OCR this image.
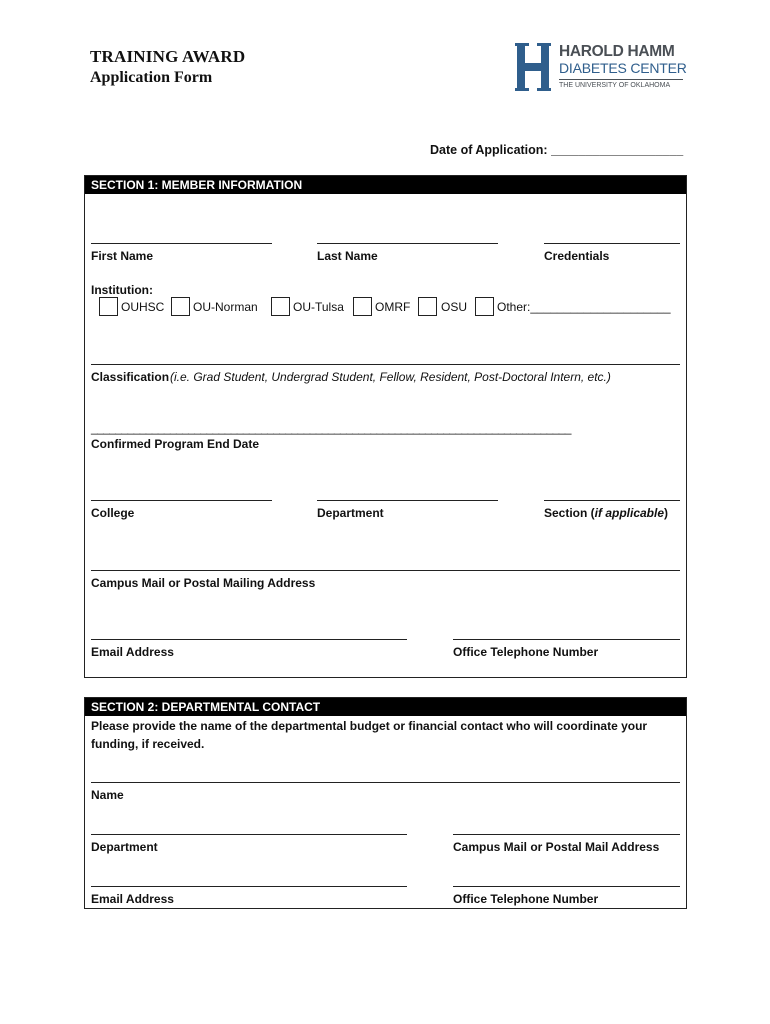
TRAINING AWARD
Application Form
HAROLD HAMM
DIABETES CENTER
THE UNIVERSITY OF OKLAHOMA
Date of Application: ___________________
SECTION 1: MEMBER INFORMATION
First Name	Last Name	Credentials
Institution:
OUHSC OU-Norman	OU-Tulsa	OMRF	OSU Other:_____________________
Classification (i.e. Grad Student, Undergrad Student, Fellow, Resident, Post-Doctoral Intern, etc.)
_______________________________________________________________________________
Confirmed Program End Date
College	Department	Section (if applicable)
Campus Mail or Postal Mailing Address
Email Address	Office Telephone Number
SECTION 2: DEPARTMENTAL CONTACT
Please provide the name of the departmental budget or financial contact who will coordinate your funding, if received.
Name
Department	Campus Mail or Postal Mail Address
Email Address	Office Telephone Number
